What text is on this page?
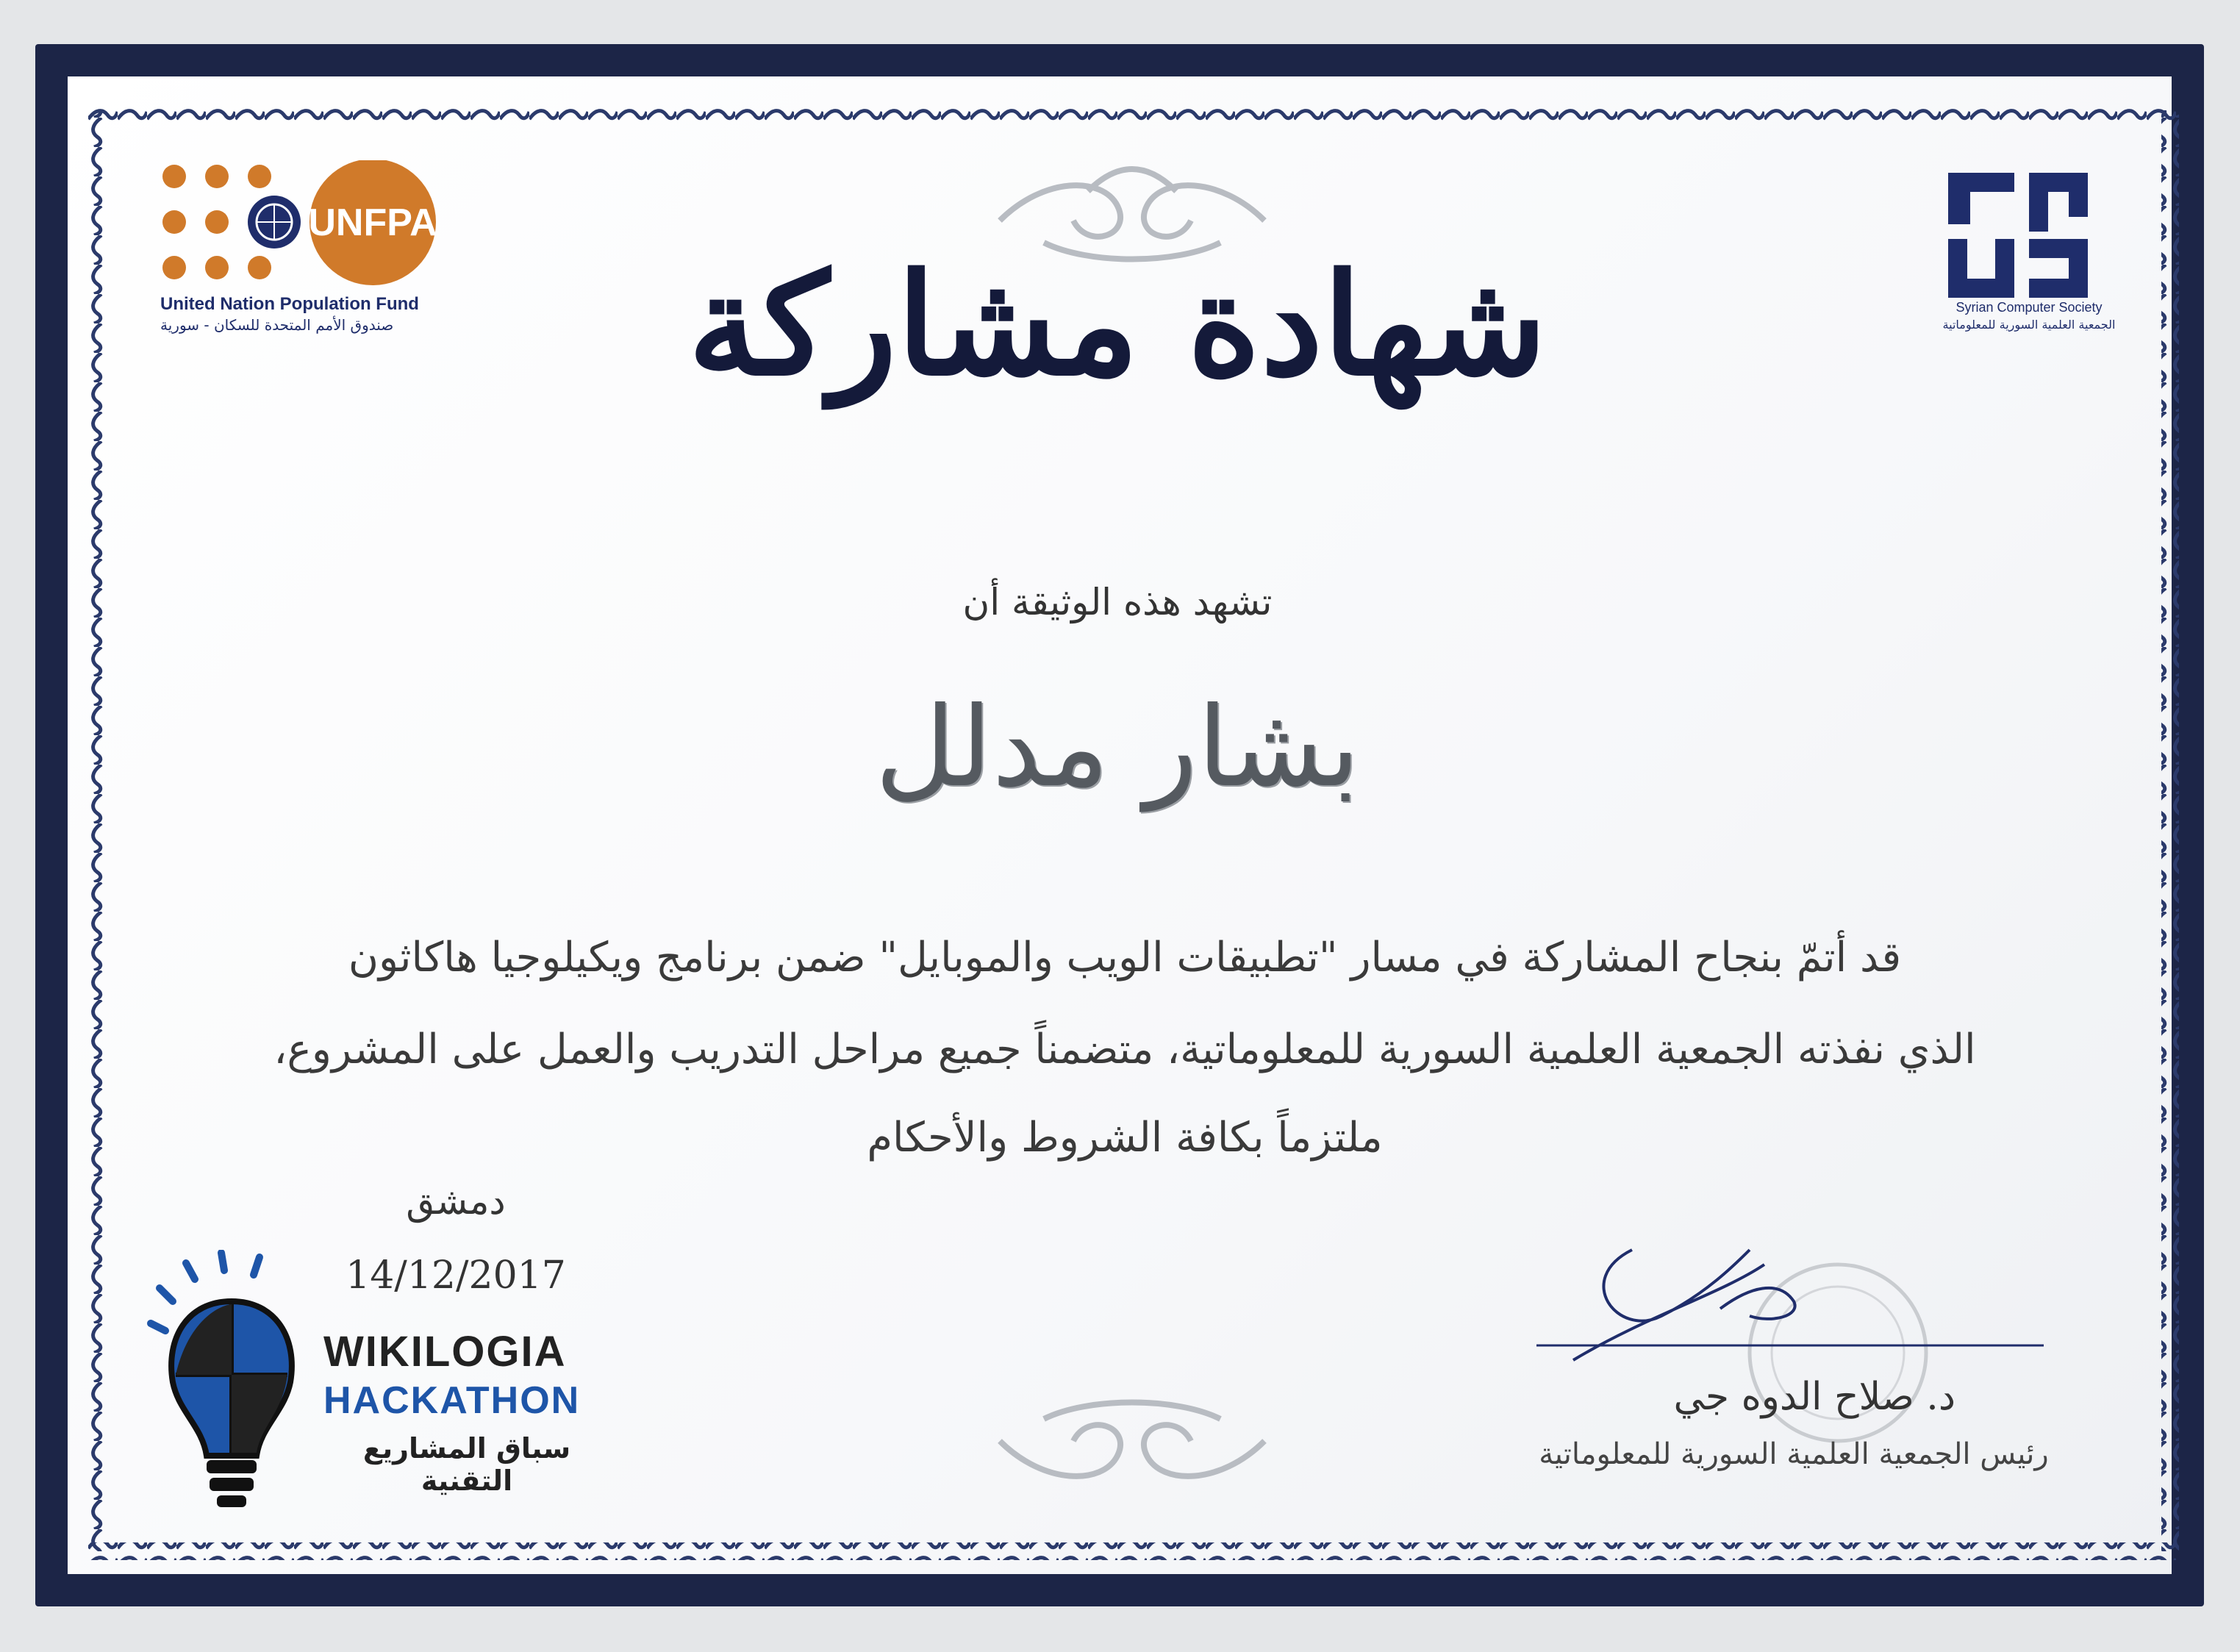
UNFPA
United Nation Population Fund
صندوق الأمم المتحدة للسكان - سورية
Syrian Computer Society
الجمعية العلمية السورية للمعلوماتية
شهادة مشاركة
تشهد هذه الوثيقة أن
بشار مدلل
قد أتمّ بنجاح المشاركة في مسار "تطبيقات الويب والموبايل" ضمن برنامج ويكيلوجيا هاكاثون
الذي نفذته الجمعية العلمية السورية للمعلوماتية، متضمناً جميع مراحل التدريب والعمل على المشروع،
ملتزماً بكافة الشروط والأحكام
دمشق
14/12/2017
WIKILOGIA
HACKATHON
سباق المشاريع التقنية
د. صلاح الدوه جي
رئيس الجمعية العلمية السورية للمعلوماتية
